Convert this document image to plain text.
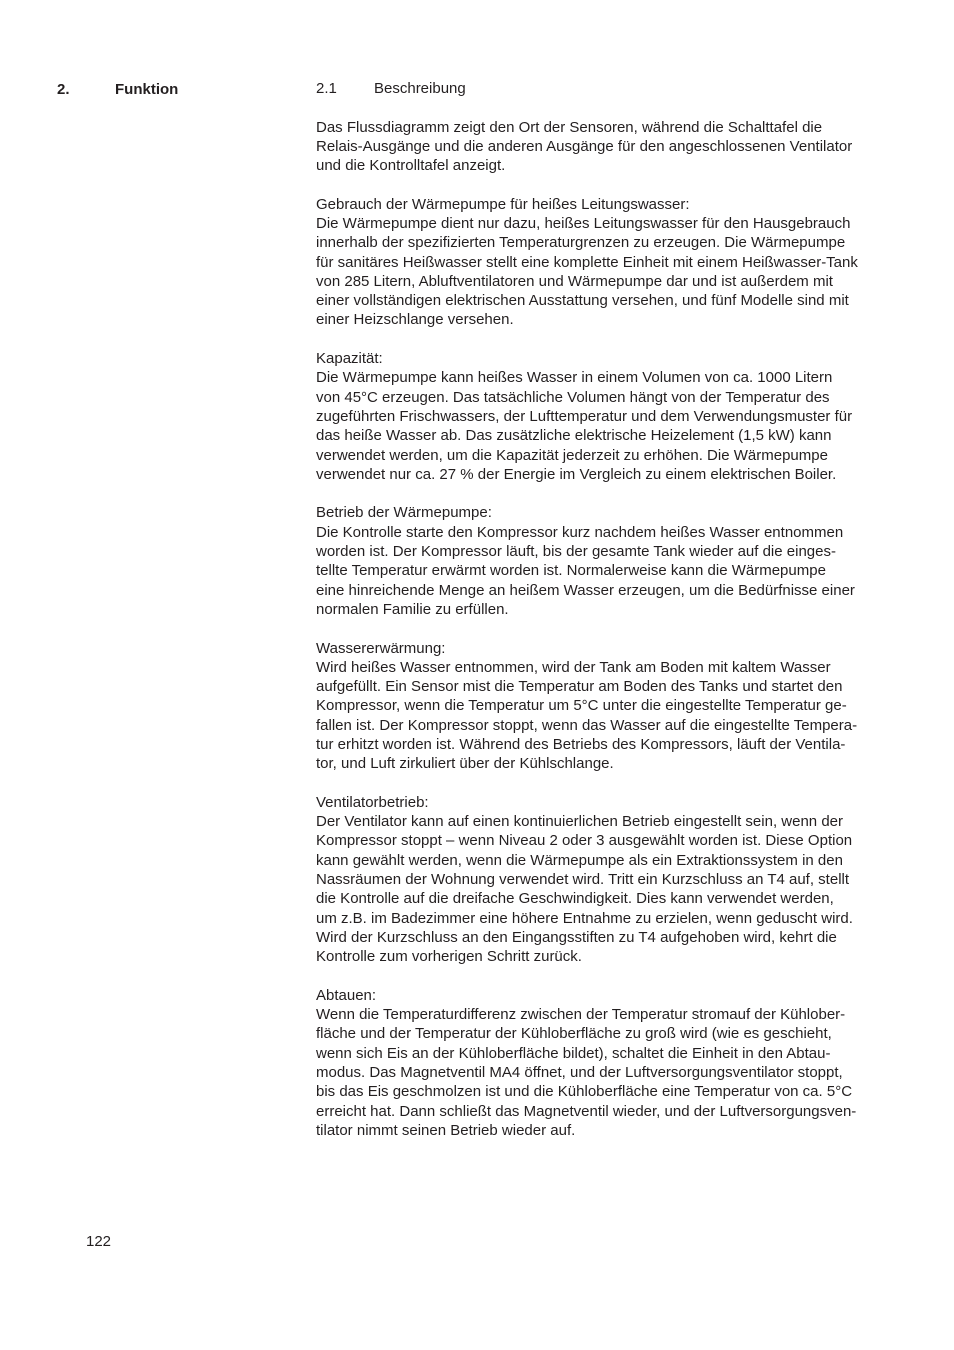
2.	Funktion	2.1 Beschreibung
Das Flussdiagramm zeigt den Ort der Sensoren, während die Schalttafel die
Relais-Ausgänge und die anderen Ausgänge für den angeschlossenen Ventilator
und die Kontrolltafel anzeigt.
Gebrauch der Wärmepumpe für heißes Leitungswasser:
Die Wärmepumpe dient nur dazu, heißes Leitungswasser für den Hausgebrauch
innerhalb der spezifizierten Temperaturgrenzen zu erzeugen. Die Wärmepumpe
für sanitäres Heißwasser stellt eine komplette Einheit mit einem Heißwasser-Tank
von 285 Litern, Abluftventilatoren und Wärmepumpe dar und ist außerdem mit
einer vollständigen elektrischen Ausstattung versehen, und fünf Modelle sind mit
einer Heizschlange versehen.
Kapazität:
Die Wärmepumpe kann heißes Wasser in einem Volumen von ca. 1000 Litern
von 45°C erzeugen. Das tatsächliche Volumen hängt von der Temperatur des
zugeführten Frischwassers, der Lufttemperatur und dem Verwendungsmuster für
das heiße Wasser ab. Das zusätzliche elektrische Heizelement (1,5 kW) kann
verwendet werden, um die Kapazität jederzeit zu erhöhen. Die Wärmepumpe
verwendet nur ca. 27 % der Energie im Vergleich zu einem elektrischen Boiler.
Betrieb der Wärmepumpe:
Die Kontrolle starte den Kompressor kurz nachdem heißes Wasser entnommen
worden ist. Der Kompressor läuft, bis der gesamte Tank wieder auf die einges-
tellte Temperatur erwärmt worden ist. Normalerweise kann die Wärmepumpe
eine hinreichende Menge an heißem Wasser erzeugen, um die Bedürfnisse einer
normalen Familie zu erfüllen.
Wassererwärmung:
Wird heißes Wasser entnommen, wird der Tank am Boden mit kaltem Wasser
aufgefüllt. Ein Sensor mist die Temperatur am Boden des Tanks und startet den
Kompressor, wenn die Temperatur um 5°C unter die eingestellte Temperatur ge-
fallen ist. Der Kompressor stoppt, wenn das Wasser auf die eingestellte Tempera-
tur erhitzt worden ist. Während des Betriebs des Kompressors, läuft der Ventila-
tor, und Luft zirkuliert über der Kühlschlange.
Ventilatorbetrieb:
Der Ventilator kann auf einen kontinuierlichen Betrieb eingestellt sein, wenn der
Kompressor stoppt – wenn Niveau 2 oder 3 ausgewählt worden ist. Diese Option
kann gewählt werden, wenn die Wärmepumpe als ein Extraktionssystem in den
Nassräumen der Wohnung verwendet wird. Tritt ein Kurzschluss an T4 auf, stellt
die Kontrolle auf die dreifache Geschwindigkeit. Dies kann verwendet werden,
um z.B. im Badezimmer eine höhere Entnahme zu erzielen, wenn geduscht wird.
Wird der Kurzschluss an den Eingangsstiften zu T4 aufgehoben wird, kehrt die
Kontrolle zum vorherigen Schritt zurück.
Abtauen:
Wenn die Temperaturdifferenz zwischen der Temperatur stromauf der Kühlober-
fläche und der Temperatur der Kühloberfläche zu groß wird (wie es geschieht,
wenn sich Eis an der Kühloberfläche bildet), schaltet die Einheit in den Abtau-
modus. Das Magnetventil MA4 öffnet, und der Luftversorgungsventilator stoppt,
bis das Eis geschmolzen ist und die Kühloberfläche eine Temperatur von ca. 5°C
erreicht hat. Dann schließt das Magnetventil wieder, und der Luftversorgungsven-
tilator nimmt seinen Betrieb wieder auf.
122
